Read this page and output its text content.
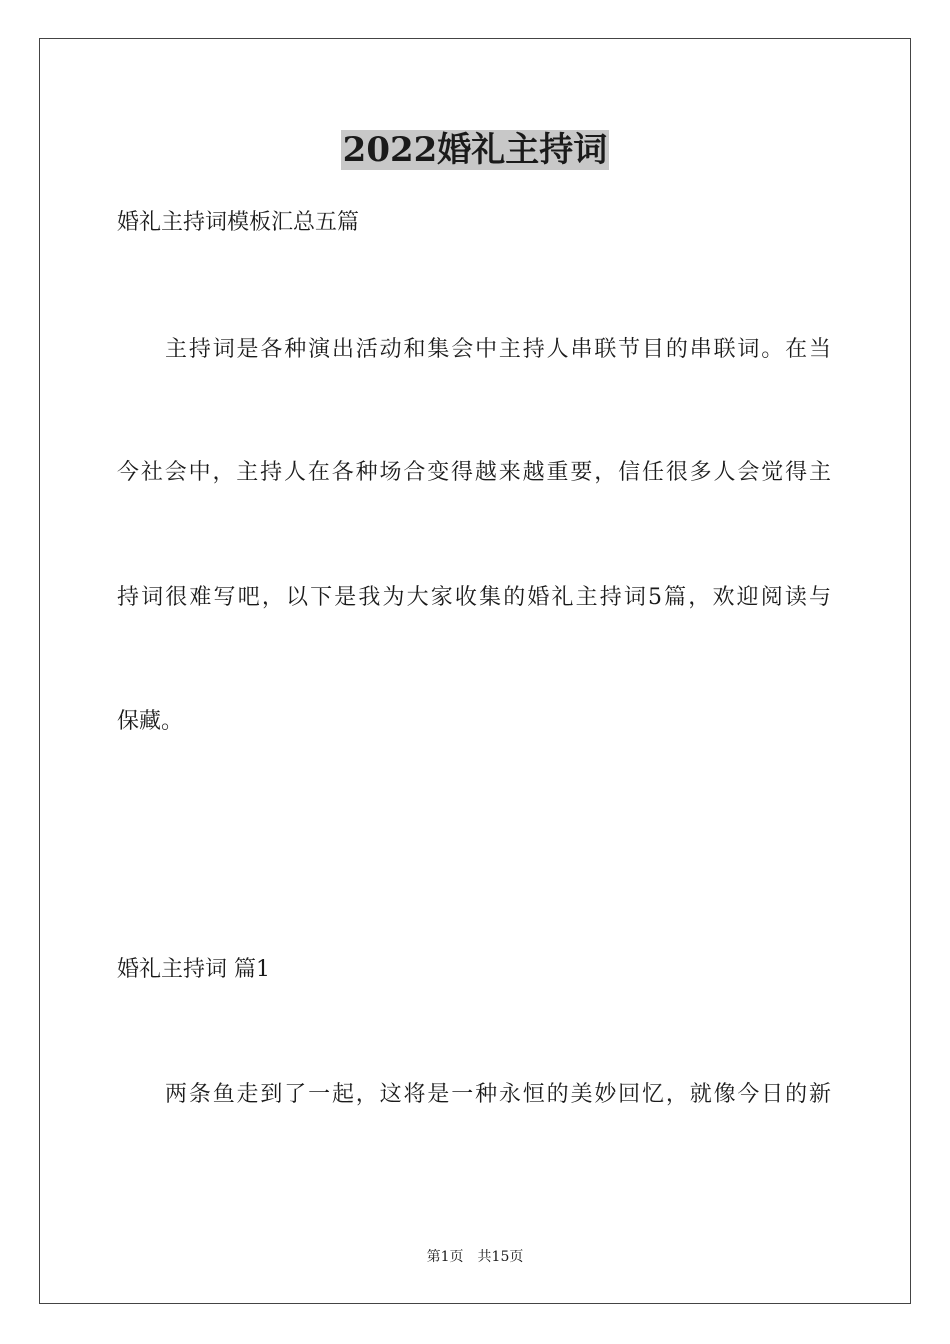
2022婚礼主持词
婚礼主持词模板汇总五篇
主持词是各种演出活动和集会中主持人串联节目的串联词。在当
今社会中，主持人在各种场合变得越来越重要，信任很多人会觉得主
持词很难写吧，以下是我为大家收集的婚礼主持词5篇，欢迎阅读与
保藏。
婚礼主持词 篇1
两条鱼走到了一起，这将是一种永恒的美妙回忆，就像今日的新
第1页 共15页
